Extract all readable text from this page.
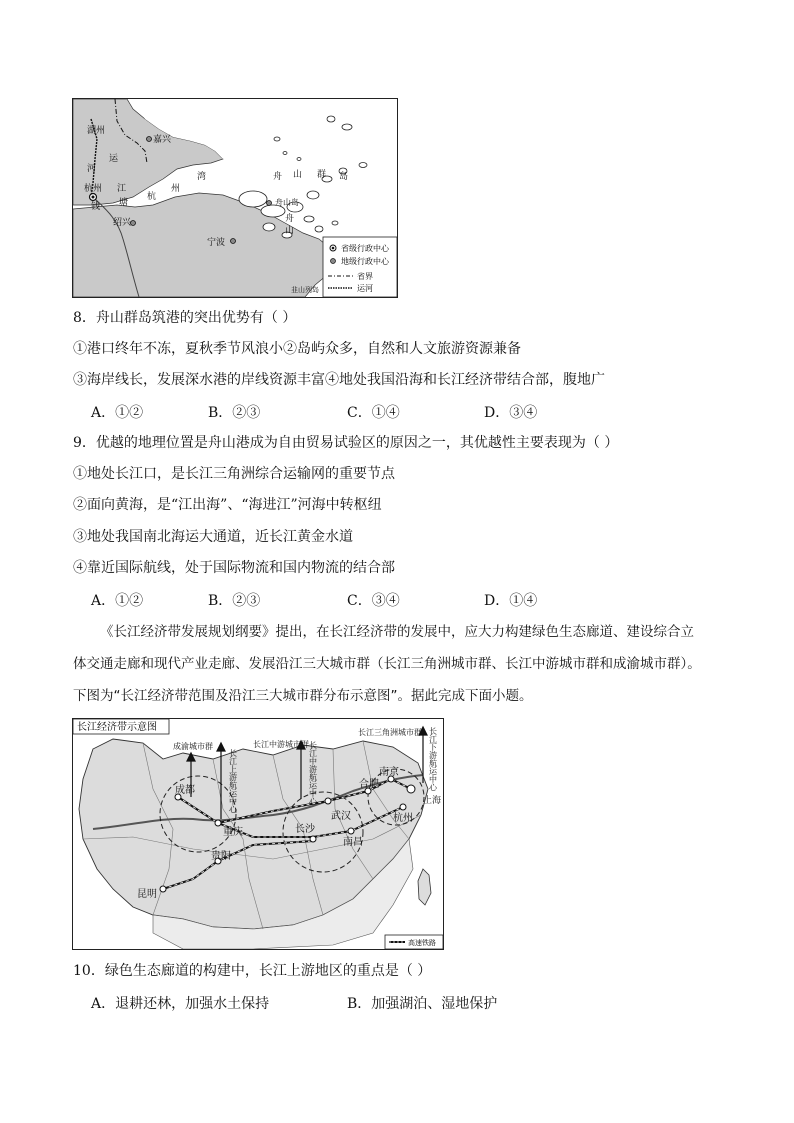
湖州
嘉兴
河
运
杭州
钱
江
塘
杭
州
湾
绍兴
宁波
舟 山 群 岛
舟山岛
舟
山
韭山列岛
省级行政中心
地级行政中心
省界
运河
8．舟山群岛筑港的突出优势有（ ）
①港口终年不冻，夏秋季节风浪小②岛屿众多，自然和人文旅游资源兼备
③海岸线长，发展深水港的岸线资源丰富④地处我国沿海和长江经济带结合部，腹地广
A．①②	B．②③	C．①④	D．③④
9．优越的地理位置是舟山港成为自由贸易试验区的原因之一，其优越性主要表现为（ ）
①地处长江口，是长江三角洲综合运输网的重要节点
②面向黄海，是“江出海”、“海进江”河海中转枢纽
③地处我国南北海运大通道，近长江黄金水道
④靠近国际航线，处于国际物流和国内物流的结合部
A．①②	B．②③	C．③④	D．①④
《长江经济带发展规划纲要》提出，在长江经济带的发展中，应大力构建绿色生态廊道、建设综合立
体交通走廊和现代产业走廊、发展沿江三大城市群（长江三角洲城市群、长江中游城市群和成渝城市群）。
下图为“长江经济带范围及沿江三大城市群分布示意图”。据此完成下面小题。
长江经济带示意图
成渝城市群	长江中游城市群
长江三角洲城市群
长江上游航运中心	长江中游航运中心	长江下游航运中心
成都
重庆
贵阳
昆明
武汉
长沙
南昌
合肥
南京
上海
杭州
高速铁路
10．绿色生态廊道的构建中，长江上游地区的重点是（ ）
A．退耕还林，加强水土保持	B．加强湖泊、湿地保护
